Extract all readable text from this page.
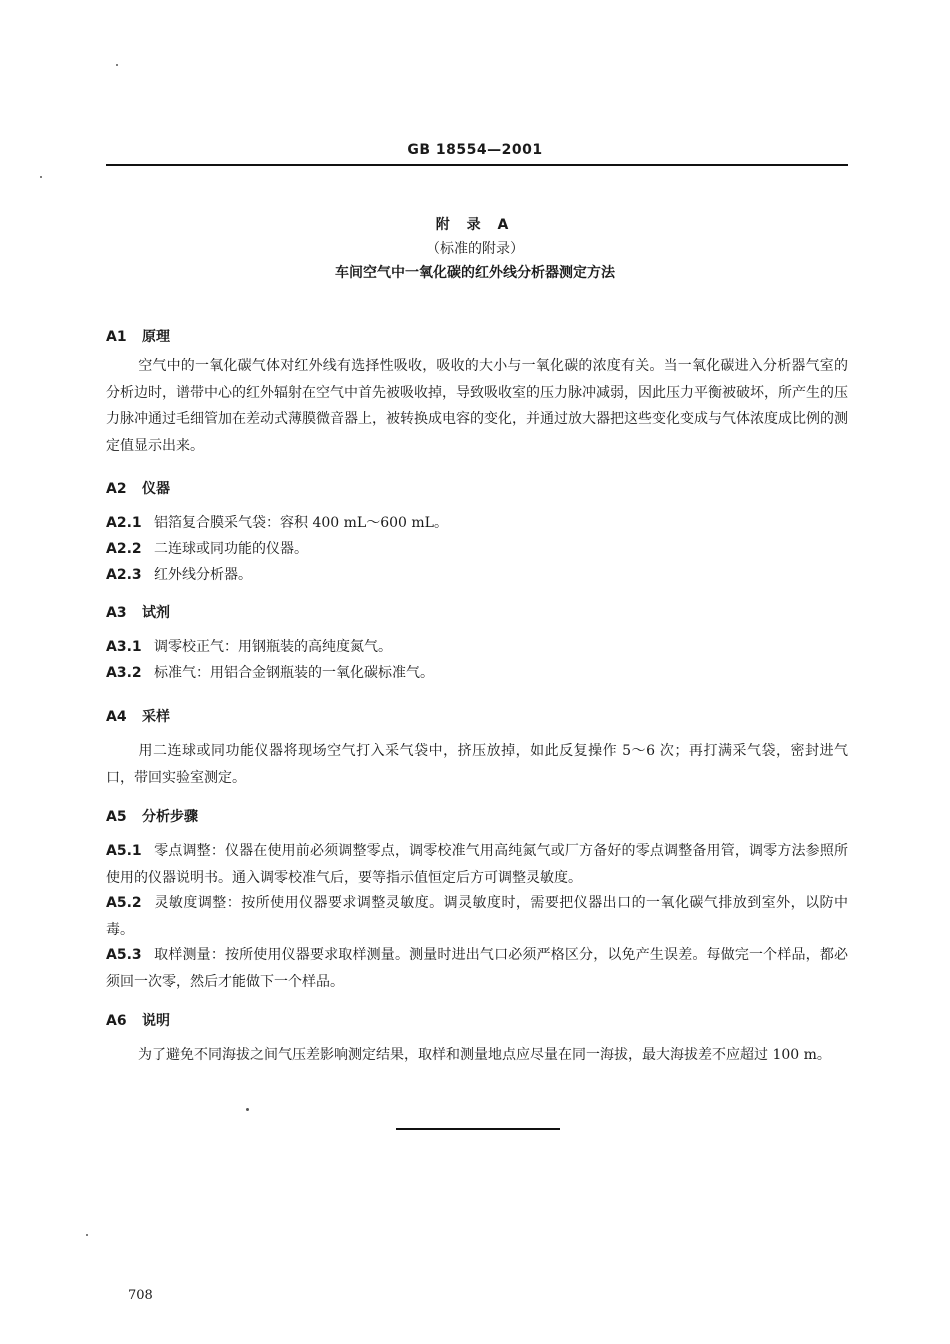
GB 18554—2001
附 录 A
（标准的附录）
车间空气中一氧化碳的红外线分析器测定方法
A1 原理
空气中的一氧化碳气体对红外线有选择性吸收，吸收的大小与一氧化碳的浓度有关。当一氧化碳进入分析器气室的分析边时，谱带中心的红外辐射在空气中首先被吸收掉，导致吸收室的压力脉冲减弱，因此压力平衡被破坏，所产生的压力脉冲通过毛细管加在差动式薄膜微音器上，被转换成电容的变化，并通过放大器把这些变化变成与气体浓度成比例的测定值显示出来。
A2 仪器
A2.1 铝箔复合膜采气袋：容积 400 mL～600 mL。
A2.2 二连球或同功能的仪器。
A2.3 红外线分析器。
A3 试剂
A3.1 调零校正气：用钢瓶装的高纯度氮气。
A3.2 标准气：用铝合金钢瓶装的一氧化碳标准气。
A4 采样
用二连球或同功能仪器将现场空气打入采气袋中，挤压放掉，如此反复操作 5～6 次；再打满采气袋，密封进气口，带回实验室测定。
A5 分析步骤
A5.1 零点调整：仪器在使用前必须调整零点，调零校准气用高纯氮气或厂方备好的零点调整备用管，调零方法参照所使用的仪器说明书。通入调零校准气后，要等指示值恒定后方可调整灵敏度。
A5.2 灵敏度调整：按所使用仪器要求调整灵敏度。调灵敏度时，需要把仪器出口的一氧化碳气排放到室外，以防中毒。
A5.3 取样测量：按所使用仪器要求取样测量。测量时进出气口必须严格区分，以免产生误差。每做完一个样品，都必须回一次零，然后才能做下一个样品。
A6 说明
为了避免不同海拔之间气压差影响测定结果，取样和测量地点应尽量在同一海拔，最大海拔差不应超过 100 m。
708
